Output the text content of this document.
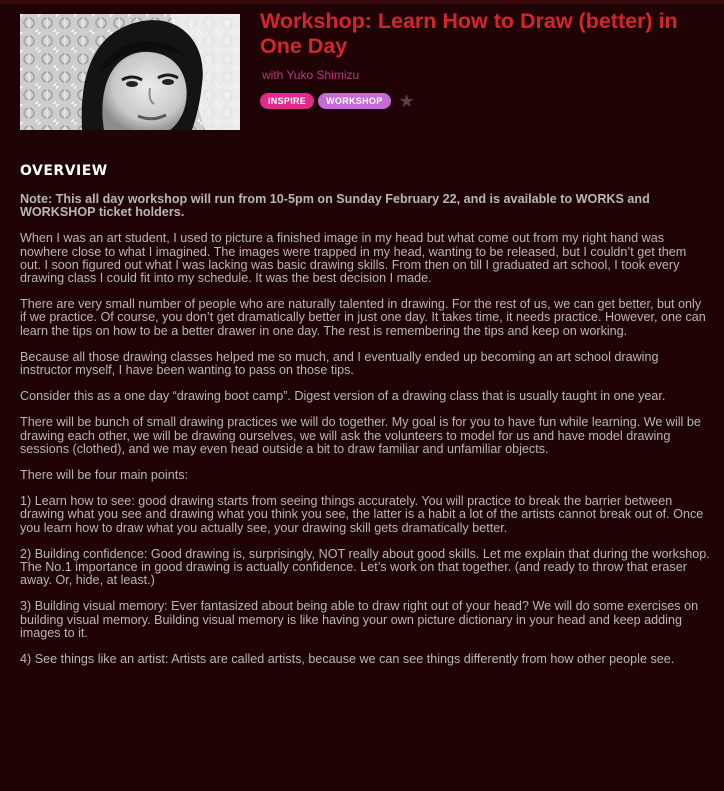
Workshop: Learn How to Draw (better) in One Day
with Yuko Shimizu
INSPIRE	WORKSHOP ★
OVERVIEW

Note: This all day workshop will run from 10-5pm on Sunday February 22, and is available to WORKS and WORKSHOP ticket holders.

When I was an art student, I used to picture a finished image in my head but what come out from my right hand was nowhere close to what I imagined. The images were trapped in my head, wanting to be released, but I couldn’t get them out. I soon figured out what I was lacking was basic drawing skills. From then on till I graduated art school, I took every drawing class I could fit into my schedule. It was the best decision I made.

There are very small number of people who are naturally talented in drawing. For the rest of us, we can get better, but only if we practice. Of course, you don’t get dramatically better in just one day. It takes time, it needs practice. However, one can learn the tips on how to be a better drawer in one day. The rest is remembering the tips and keep on working.

Because all those drawing classes helped me so much, and I eventually ended up becoming an art school drawing instructor myself, I have been wanting to pass on those tips.

Consider this as a one day “drawing boot camp”. Digest version of a drawing class that is usually taught in one year.

There will be bunch of small drawing practices we will do together. My goal is for you to have fun while learning. We will be drawing each other, we will be drawing ourselves, we will ask the volunteers to model for us and have model drawing sessions (clothed), and we may even head outside a bit to draw familiar and unfamiliar objects.

There will be four main points:

1) Learn how to see: good drawing starts from seeing things accurately. You will practice to break the barrier between drawing what you see and drawing what you think you see, the latter is a habit a lot of the artists cannot break out of. Once you learn how to draw what you actually see, your drawing skill gets dramatically better.

2) Building confidence: Good drawing is, surprisingly, NOT really about good skills. Let me explain that during the workshop. The No.1 importance in good drawing is actually confidence. Let’s work on that together. (and ready to throw that eraser away. Or, hide, at least.)

3) Building visual memory: Ever fantasized about being able to draw right out of your head? We will do some exercises on building visual memory. Building visual memory is like having your own picture dictionary in your head and keep adding images to it.

4) See things like an artist: Artists are called artists, because we can see things differently from how other people see.
